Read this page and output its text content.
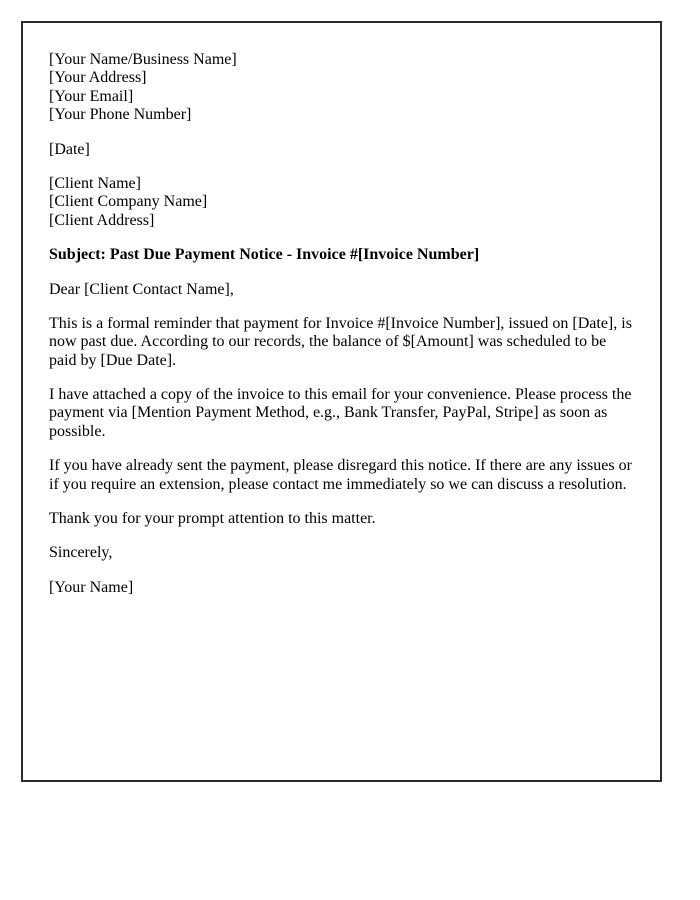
[Your Name/Business Name]
[Your Address]
[Your Email]
[Your Phone Number]

[Date]

[Client Name]
[Client Company Name]
[Client Address]

Subject: Past Due Payment Notice - Invoice #[Invoice Number]

Dear [Client Contact Name],

This is a formal reminder that payment for Invoice #[Invoice Number], issued on [Date], is now past due. According to our records, the balance of $[Amount] was scheduled to be paid by [Due Date].

I have attached a copy of the invoice to this email for your convenience. Please process the payment via [Mention Payment Method, e.g., Bank Transfer, PayPal, Stripe] as soon as possible.

If you have already sent the payment, please disregard this notice. If there are any issues or if you require an extension, please contact me immediately so we can discuss a resolution.

Thank you for your prompt attention to this matter.

Sincerely,

[Your Name]
